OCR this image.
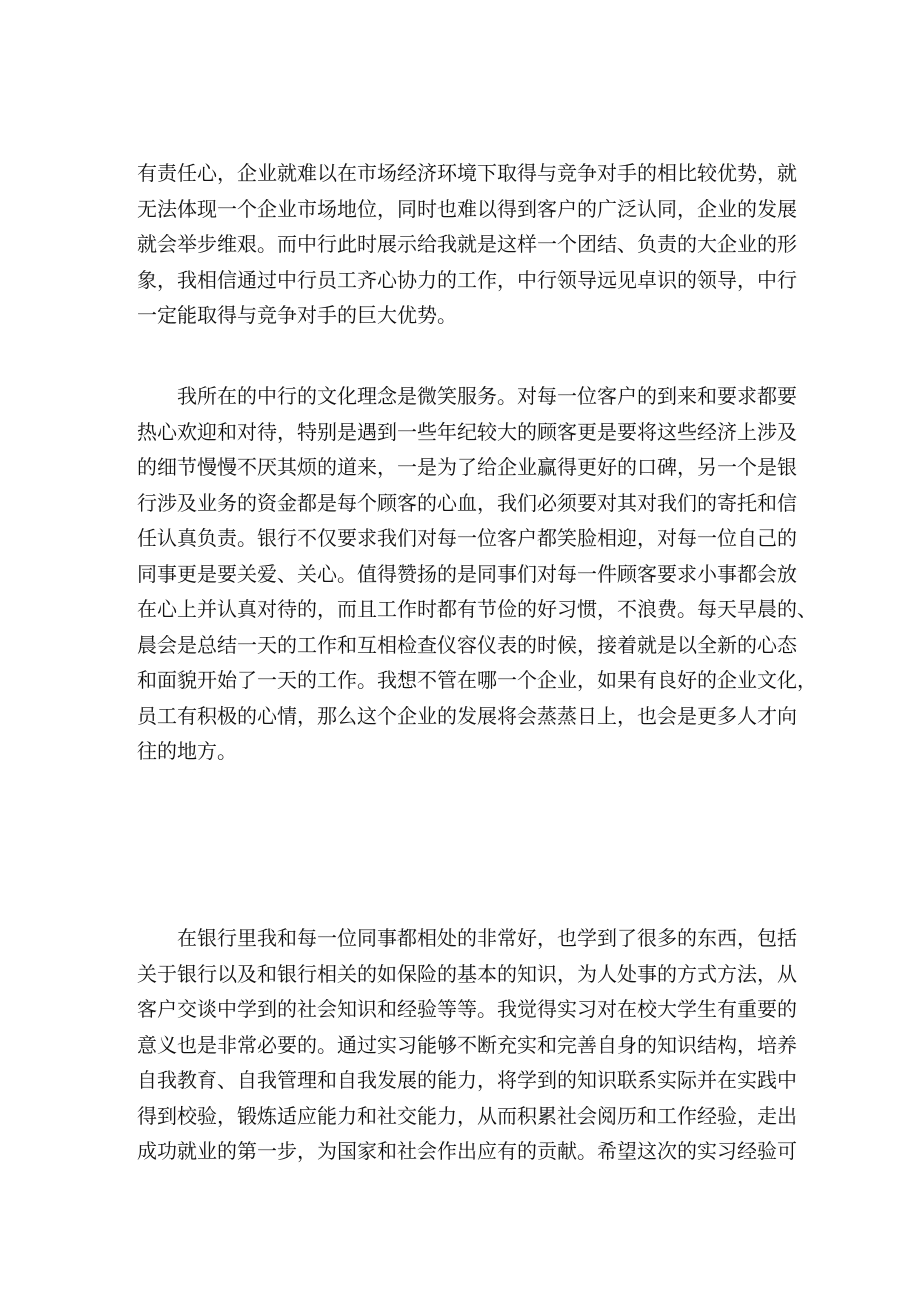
有责任心，企业就难以在市场经济环境下取得与竞争对手的相比较优势，就
无法体现一个企业市场地位，同时也难以得到客户的广泛认同，企业的发展
就会举步维艰。而中行此时展示给我就是这样一个团结、负责的大企业的形
象，我相信通过中行员工齐心协力的工作，中行领导远见卓识的领导，中行
一定能取得与竞争对手的巨大优势。
我所在的中行的文化理念是微笑服务。对每一位客户的到来和要求都要
热心欢迎和对待，特别是遇到一些年纪较大的顾客更是要将这些经济上涉及
的细节慢慢不厌其烦的道来，一是为了给企业赢得更好的口碑，另一个是银
行涉及业务的资金都是每个顾客的心血，我们必须要对其对我们的寄托和信
任认真负责。银行不仅要求我们对每一位客户都笑脸相迎，对每一位自己的
同事更是要关爱、关心。值得赞扬的是同事们对每一件顾客要求小事都会放
在心上并认真对待的，而且工作时都有节俭的好习惯，不浪费。每天早晨的、
晨会是总结一天的工作和互相检查仪容仪表的时候，接着就是以全新的心态
和面貌开始了一天的工作。我想不管在哪一个企业，如果有良好的企业文化，
员工有积极的心情，那么这个企业的发展将会蒸蒸日上，也会是更多人才向
往的地方。
在银行里我和每一位同事都相处的非常好，也学到了很多的东西，包括
关于银行以及和银行相关的如保险的基本的知识，为人处事的方式方法，从
客户交谈中学到的社会知识和经验等等。我觉得实习对在校大学生有重要的
意义也是非常必要的。通过实习能够不断充实和完善自身的知识结构，培养
自我教育、自我管理和自我发展的能力，将学到的知识联系实际并在实践中
得到校验，锻炼适应能力和社交能力，从而积累社会阅历和工作经验，走出
成功就业的第一步，为国家和社会作出应有的贡献。希望这次的实习经验可
